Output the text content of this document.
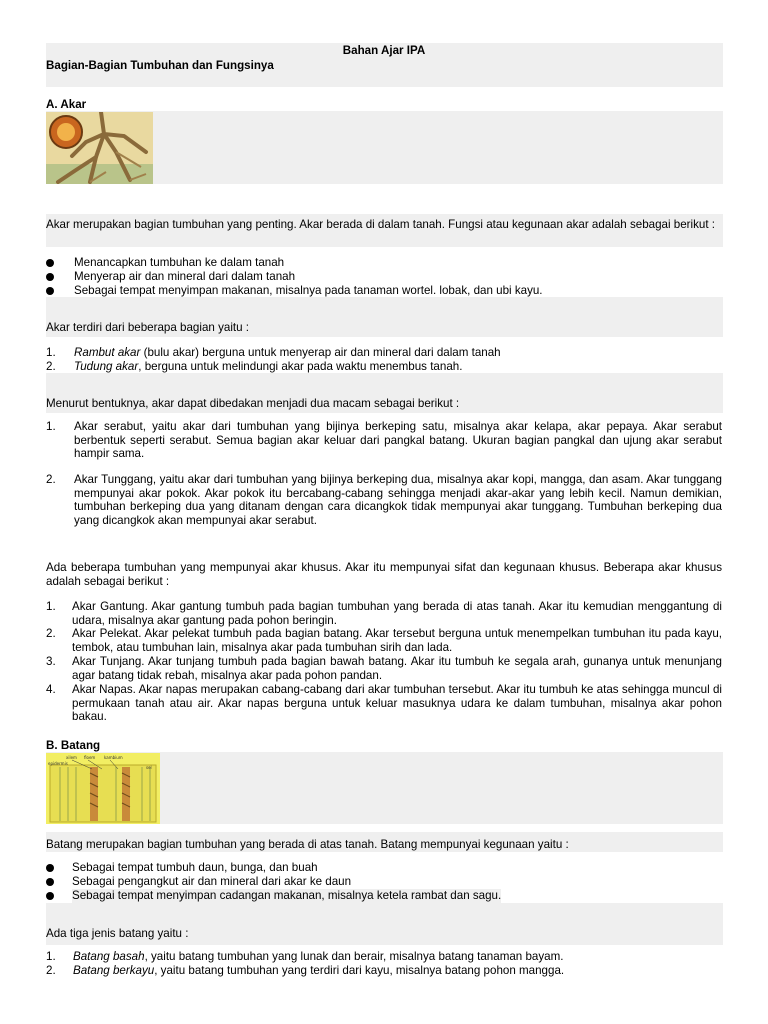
Bahan Ajar IPA
Bagian-Bagian Tumbuhan dan Fungsinya
A. Akar
Akar merupakan bagian tumbuhan yang penting. Akar berada di dalam tanah. Fungsi atau kegunaan akar adalah sebagai berikut :
Menancapkan tumbuhan ke dalam tanah
Menyerap air dan mineral dari dalam tanah
Sebagai tempat menyimpan makanan, misalnya pada tanaman wortel. lobak, dan ubi kayu.
Akar terdiri dari beberapa bagian yaitu :
1.	Rambut akar (bulu akar) berguna untuk menyerap air dan mineral dari dalam tanah
2.	Tudung akar, berguna untuk melindungi akar pada waktu menembus tanah.
Menurut bentuknya, akar dapat dibedakan menjadi dua macam sebagai berikut :
1.	Akar serabut, yaitu akar dari tumbuhan yang bijinya berkeping satu, misalnya akar kelapa, akar pepaya. Akar serabut berbentuk seperti serabut. Semua bagian akar keluar dari pangkal batang. Ukuran bagian pangkal dan ujung akar serabut hampir sama.
2.	Akar Tunggang, yaitu akar dari tumbuhan yang bijinya berkeping dua, misalnya akar kopi, mangga, dan asam. Akar tunggang mempunyai akar pokok. Akar pokok itu bercabang-cabang sehingga menjadi akar-akar yang lebih kecil. Namun demikian, tumbuhan berkeping dua yang ditanam dengan cara dicangkok tidak mempunyai akar tunggang. Tumbuhan berkeping dua yang dicangkok akan mempunyai akar serabut.
Ada beberapa tumbuhan yang mempunyai akar khusus. Akar itu mempunyai sifat dan kegunaan khusus. Beberapa akar khusus adalah sebagai berikut :
1.	Akar Gantung. Akar gantung tumbuh pada bagian tumbuhan yang berada di atas tanah. Akar itu kemudian menggantung di udara, misalnya akar gantung pada pohon beringin.
2.	Akar Pelekat. Akar pelekat tumbuh pada bagian batang. Akar tersebut berguna untuk menempelkan tumbuhan itu pada kayu, tembok, atau tumbuhan lain, misalnya akar pada tumbuhan sirih dan lada.
3.	Akar Tunjang. Akar tunjang tumbuh pada bagian bawah batang. Akar itu tumbuh ke segala arah, gunanya untuk menunjang agar batang tidak rebah, misalnya akar pada pohon pandan.
4.	Akar Napas. Akar napas merupakan cabang-cabang dari akar tumbuhan tersebut. Akar itu tumbuh ke atas sehingga muncul di permukaan tanah atau air. Akar napas berguna untuk keluar masuknya udara ke dalam tumbuhan, misalnya akar pohon bakau.
B. Batang
xilem floem kambium
epidermis
sel
Batang merupakan bagian tumbuhan yang berada di atas tanah. Batang mempunyai kegunaan yaitu :
Sebagai tempat tumbuh daun, bunga, dan buah
Sebagai pengangkut air dan mineral dari akar ke daun
Sebagai tempat menyimpan cadangan makanan, misalnya ketela rambat dan sagu.
Ada tiga jenis batang yaitu :
1.	Batang basah, yaitu batang tumbuhan yang lunak dan berair, misalnya batang tanaman bayam.
2.	Batang berkayu, yaitu batang tumbuhan yang terdiri dari kayu, misalnya batang pohon mangga.
